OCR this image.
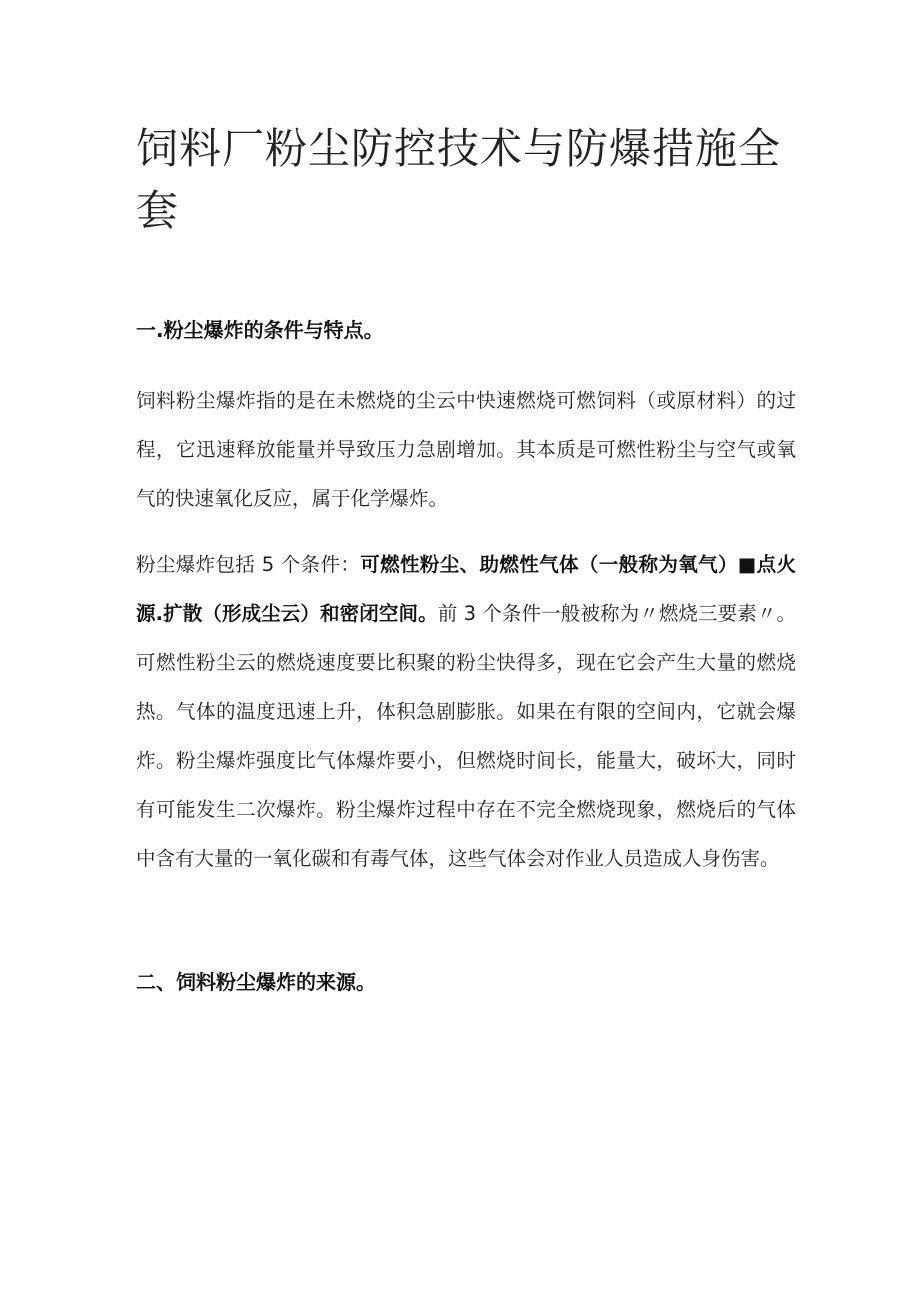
饲料厂粉尘防控技术与防爆措施全套
一.粉尘爆炸的条件与特点。

饲料粉尘爆炸指的是在未燃烧的尘云中快速燃烧可燃饲料（或原材料）的过程，它迅速释放能量并导致压力急剧增加。其本质是可燃性粉尘与空气或氧气的快速氧化反应，属于化学爆炸。

粉尘爆炸包括 5 个条件：可燃性粉尘、助燃性气体（一般称为氧气）■点火源.扩散（形成尘云）和密闭空间。前 3 个条件一般被称为〃燃烧三要素〃。可燃性粉尘云的燃烧速度要比积聚的粉尘快得多，现在它会产生大量的燃烧热。气体的温度迅速上升，体积急剧膨胀。如果在有限的空间内，它就会爆炸。粉尘爆炸强度比气体爆炸要小，但燃烧时间长，能量大，破坏大，同时有可能发生二次爆炸。粉尘爆炸过程中存在不完全燃烧现象，燃烧后的气体中含有大量的一氧化碳和有毒气体，这些气体会对作业人员造成人身伤害。

二、饲料粉尘爆炸的来源。
